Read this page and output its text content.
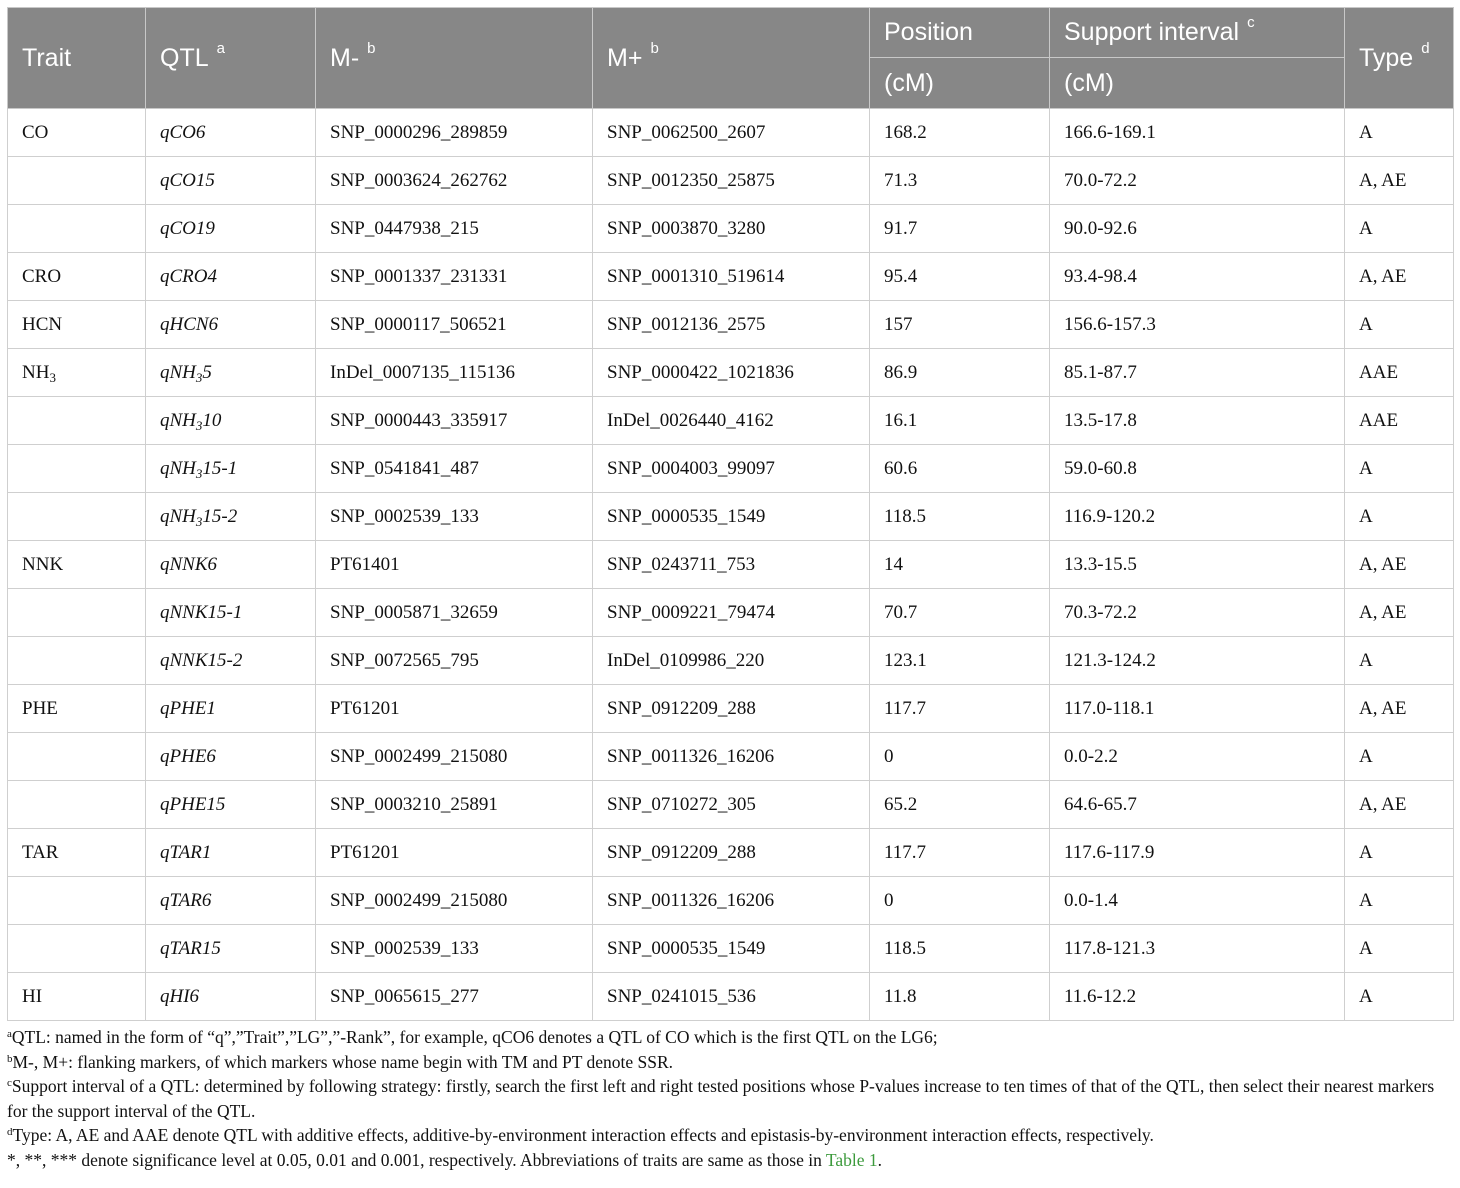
Trait	QTL $^a$	M- $^b$	M+ $^b$	Position	Support interval $^c$	Type $^d$
				(cM)	(cM)	
CO	qCO6	SNP_0000296_289859	SNP_0062500_2607	168.2	166.6-169.1	A
	qCO15	SNP_0003624_262762	SNP_0012350_25875	71.3	70.0-72.2	A, AE
	qCO19	SNP_0447938_215	SNP_0003870_3280	91.7	90.0-92.6	A
CRO	qCRO4	SNP_0001337_231331	SNP_0001310_519614	95.4	93.4-98.4	A, AE
HCN	qHCN6	SNP_0000117_506521	SNP_0012136_2575	157	156.6-157.3	A
$NH_3$	qNH$_3$5	InDel_0007135_115136	SNP_0000422_1021836	86.9	85.1-87.7	AAE
	qNH$_3$10	SNP_0000443_335917	InDel_0026440_4162	16.1	13.5-17.8	AAE
	qNH$_3$15-1	SNP_0541841_487	SNP_0004003_99097	60.6	59.0-60.8	A
	qNH$_3$15-2	SNP_0002539_133	SNP_0000535_1549	118.5	116.9-120.2	A
NNK	qNNK6	PT61401	SNP_0243711_753	14	13.3-15.5	A, AE
	qNNK15-1	SNP_0005871_32659	SNP_0009221_79474	70.7	70.3-72.2	A, AE
	qNNK15-2	SNP_0072565_795	InDel_0109986_220	123.1	121.3-124.2	A
PHE	qPHE1	PT61201	SNP_0912209_288	117.7	117.0-118.1	A, AE
	qPHE6	SNP_0002499_215080	SNP_0011326_16206	0	0.0-2.2	A
	qPHE15	SNP_0003210_25891	SNP_0710272_305	65.2	64.6-65.7	A, AE
TAR	qTAR1	PT61201	SNP_0912209_288	117.7	117.6-117.9	A
	qTAR6	SNP_0002499_215080	SNP_0011326_16206	0	0.0-1.4	A
	qTAR15	SNP_0002539_133	SNP_0000535_1549	118.5	117.8-121.3	A
HI	qHI6	SNP_0065615_277	SNP_0241015_536	11.8	11.6-12.2	A
$^a$QTL: named in the form of “q”,”Trait”,”LG”,”-Rank”, for example, qCO6 denotes a QTL of CO which is the first QTL on the LG6;
$^b$M-, M+: flanking markers, of which markers whose name begin with TM and PT denote SSR.
$^c$Support interval of a QTL: determined by following strategy: firstly, search the first left and right tested positions whose P-values increase to ten times of that of the QTL, then select their nearest markers for the support interval of the QTL.
$^d$Type: A, AE and AAE denote QTL with additive effects, additive-by-environment interaction effects and epistasis-by-environment interaction effects, respectively.
*, **, *** denote significance level at 0.05, 0.01 and 0.001, respectively. Abbreviations of traits are same as those in Table 1.
